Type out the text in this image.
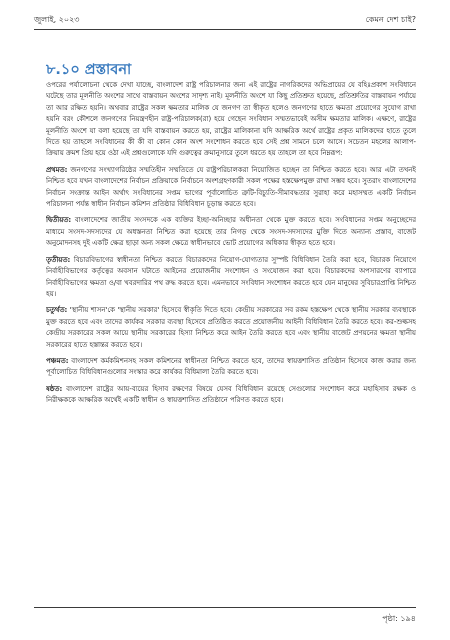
জুলাই, ২০২৩	কেমন দেশ চাই?
৮.১০ প্রস্তাবনা

ওপরের পর্যালোচনা থেকে দেখা যাচ্ছে, বাংলাদেশ রাষ্ট্র পরিচালনার জন্য এই রাষ্ট্রের নাগরিকদের অভিপ্রায়ের যে বহিঃপ্রকাশ সংবিধানে ঘটেছে তার মূলনীতি অংশের সাথে বাস্তবায়ন অংশের সাদৃশ্য নাই। মূলনীতি অংশে যা কিছু প্রতিশ্রুত হয়েছে, প্রতিশ্রুতির বাস্তবায়ন পর্যায়ে তা আর রক্ষিত হয়নি। অথবার রাষ্ট্রের সকল ক্ষমতার মালিক যে জনগণ তা স্বীকৃত হলেও জনগণের হাতে ক্ষমতা প্রয়োগের সুযোগ রাখা হয়নি বরং কৌশলে জনগণের নিয়ন্ত্রণহীন রাষ্ট্র-পরিচালক(রা) হয়ে গেছেন সংবিধান সম্মতভাবেই অসীম ক্ষমতার মালিক। এক্ষণে, রাষ্ট্রের মূলনীতি অংশে যা বলা হয়েছে তা যদি বাস্তবায়ন করতে হয়, রাষ্ট্রের মালিকানা যদি আক্ষরিক অর্থে রাষ্ট্রের প্রকৃত মালিকদের হাতে তুলে দিতে হয় তাহলে সংবিধানের কী কী বা কোন কোন অংশ সংশোধন করতে হবে সেই প্রশ্ন সামনে চলে আসে। সচেতন মহলের আলাপ-ক্রিয়ায় ক্রমশ প্রিয় হয়ে ওঠা এই প্রশ্নগুলোকে যদি গুরুত্বের ক্রমানুসারে তুলে ধরতে হয় তাহলে তা হবে নিম্নরূপ:

প্রথমত: জনগণের সংখ্যাগরিষ্ঠের সম্মতিহীন সম্মতিতে যে রাষ্ট্রপরিচালকরা নিয়োজিত হচ্ছেন তা নিশ্চিত করতে হবে। আর এটা তখনই নিশ্চিত হবে যখন বাংলাদেশের নির্বাচন প্রক্রিয়াকে নির্বাচনে অংশগ্রহণকারী সকল পক্ষের হস্তক্ষেপমুক্ত রাখা সম্ভব হবে। সুতরাং বাংলাদেশের নির্বাচন সংক্রান্ত আইন অর্থাৎ সংবিধানের সপ্তম ভাগের পূর্বালোচিত ত্রুটি-বিচ্যুতি-সীমাবদ্ধতার সুরাহা করে মহাসম্মত একটি নির্বাচন পরিচালনা পর্যন্ত স্বাধীন নির্বাচন কমিশন প্রতিষ্ঠার বিধিবিধান চূড়ান্ত করতে হবে।

দ্বিতীয়ত: বাংলাদেশের জাতীয় সংসদকে এক ব্যক্তির ইচ্ছা-অনিচ্ছার অধীনতা থেকে মুক্ত করতে হবে। সংবিধানের সপ্তম অনুচ্ছেদের মাধ্যমে সংসদ-সদস্যদের যে অধস্তনতা নিশ্চিত করা হয়েছে তার নিগড় থেকে সংসদ-সদস্যদের মুক্তি দিতে অন্যান্য প্রস্তাব, বাজেট অনুমোদনসহ দুই একটি ক্ষেত্র ছাড়া অন্য সকল ক্ষেত্রে স্বাধীনভাবে ভোট প্রয়োগের অধিকার স্বীকৃত হতে হবে।

তৃতীয়ত: বিচারবিভাগের স্বাধীনতা নিশ্চিত করতে বিচারকদের নিয়োগ-যোগ্যতার সুস্পষ্ট বিধিবিধান তৈরি করা হবে, বিচারক নিয়োগে নির্বাহীবিভাগের কর্তৃত্বের অবসান ঘটাতে আইনের প্রয়োজনীয় সংশোধন ও সংযোজন করা হবে। বিচারকদের অপসারণের ব্যাপারে নির্বাহীবিভাগের ক্ষমতা ও/বা খবরদারির পথ রুদ্ধ করতে হবে। এমনভাবে সংবিধান সংশোধন করতে হবে যেন মানুষের সুবিচারপ্রাপ্তি নিশ্চিত হয়।

চতুর্থত: 'স্থানীয় শাসন'কে 'স্থানীয় সরকার' হিসেবে স্বীকৃতি দিতে হবে। কেন্দ্রীয় সরকারের সব রকম হস্তক্ষেপ থেকে স্থানীয় সরকার ব্যবস্থাকে মুক্ত করতে হবে এবং তাদের কার্যকর সরকার ব্যবস্থা হিসেবে প্রতিষ্ঠিত করতে প্রয়োজনীয় আইনী বিধিবিধান তৈরি করতে হবে। কর-শুল্কসহ কেন্দ্রীয় সরকারের সকল আয়ে স্থানীয় সরকারের হিস্যা নিশ্চিত করে আইন তৈরি করতে হবে এবং স্থানীয় বাজেট প্রণয়নের ক্ষমতা স্থানীয় সরকারের হাতে হস্তান্তর করতে হবে।

পঞ্চমত: বাংলাদেশ কর্মকমিশনসহ সকল কমিশনের স্বাধীনতা নিশ্চিত করতে হবে, তাদের স্বায়ত্তশাসিত প্রতিষ্ঠান হিসেবে কাজ করার জন্য পূর্বালোচিত বিধিবিধানগুলোর সংস্কার করে কার্যকর বিধিমালা তৈরি করতে হবে।

ষষ্ঠত: বাংলাদেশ রাষ্ট্রের আয়-ব্যয়ের হিসাব রক্ষণের বিষয়ে যেসব বিধিবিধান রয়েছে সেগুলোর সংশোধন করে মহাহিসাব রক্ষক ও নিরীক্ষককে আক্ষরিক অর্থেই একটি স্বাধীন ও স্বায়ত্তশাসিত প্রতিষ্ঠানে পরিণত করতে হবে।

পৃষ্ঠা: ১৯৪
